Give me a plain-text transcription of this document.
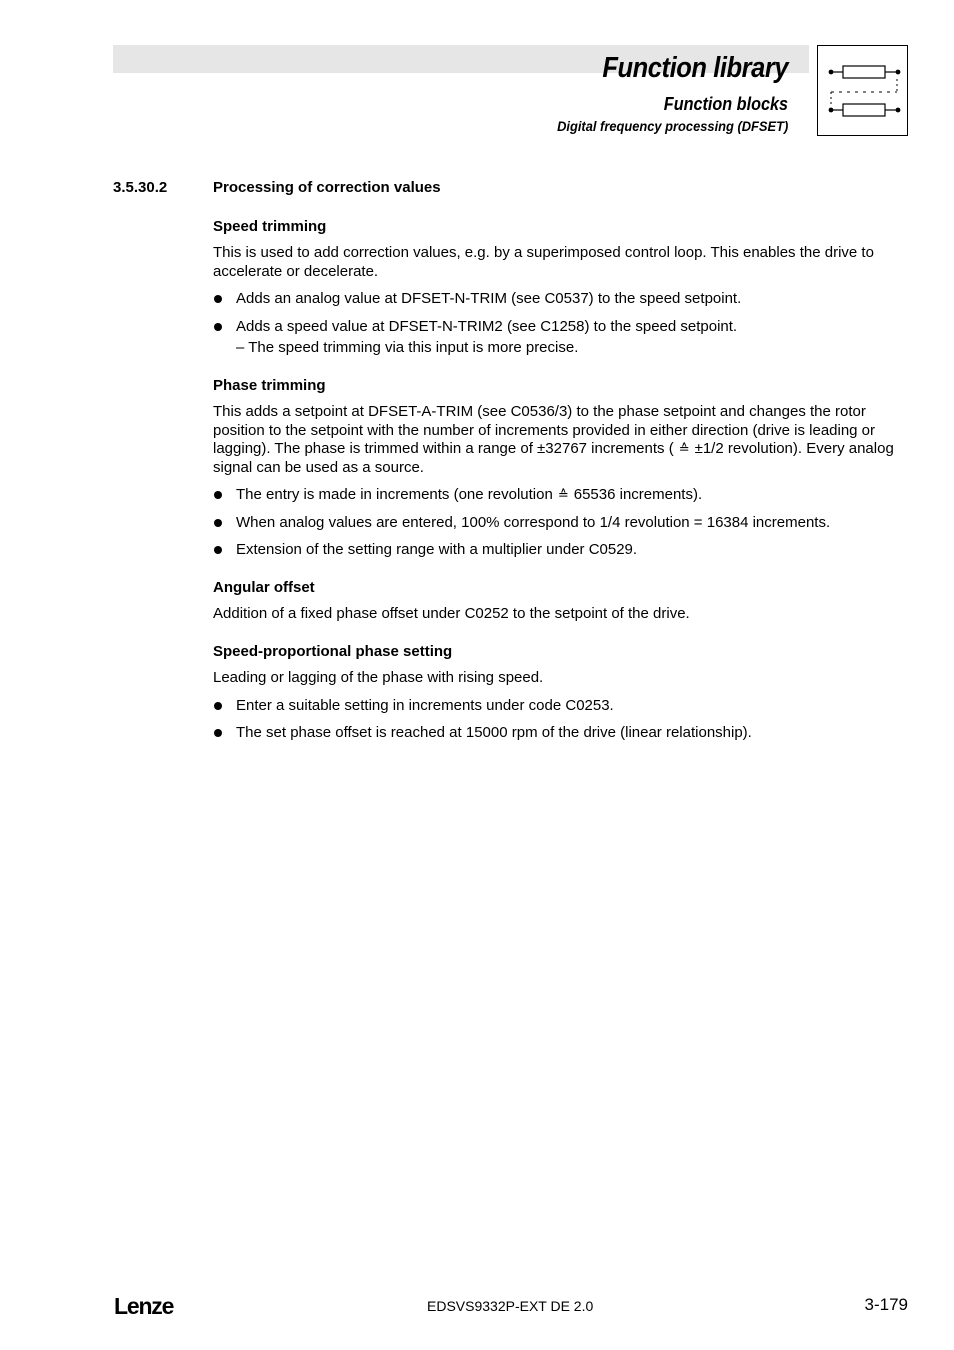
Function library
Function blocks
Digital frequency processing (DFSET)
3.5.30.2	Processing of correction values
Speed trimming

This is used to add correction values, e.g. by a superimposed control loop. This enables the drive to accelerate or decelerate.

Adds an analog value at DFSET-N-TRIM (see C0537) to the speed setpoint.
Adds a speed value at DFSET-N-TRIM2 (see C1258) to the speed setpoint.
– The speed trimming via this input is more precise.
Phase trimming

This adds a setpoint at DFSET-A-TRIM (see C0536/3) to the phase setpoint and changes the rotor position to the setpoint with the number of increments provided in either direction (drive is leading or lagging). The phase is trimmed within a range of ±32767 increments ( ≙ ±1/2 revolution). Every analog signal can be used as a source.

The entry is made in increments (one revolution ≙ 65536 increments).
When analog values are entered, 100% correspond to 1/4 revolution = 16384 increments.
Extension of the setting range with a multiplier under C0529.
Angular offset

Addition of a fixed phase offset under C0252 to the setpoint of the drive.

Speed-proportional phase setting

Leading or lagging of the phase with rising speed.

Enter a suitable setting in increments under code C0253.
The set phase offset is reached at 15000 rpm of the drive (linear relationship).
Lenze	EDSVS9332P-EXT DE 2.0	3-179
